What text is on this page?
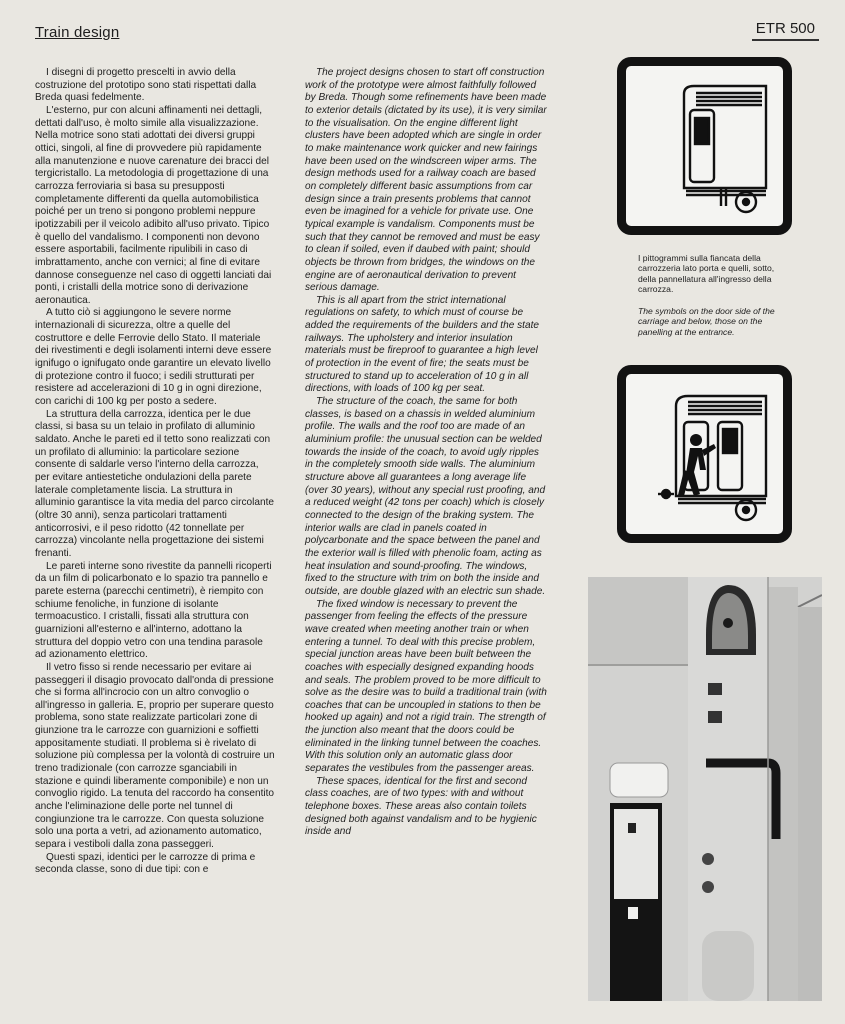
Train design	ETR 500

I disegni di progetto prescelti in avvio della costruzione del prototipo sono stati rispettati dalla Breda quasi fedelmente.

L'esterno, pur con alcuni affinamenti nei dettagli, dettati dall'uso, è molto simile alla visualizzazione. Nella motrice sono stati adottati dei diversi gruppi ottici, singoli, al fine di provvedere più rapidamente alla manutenzione e nuove carenature dei bracci del tergicristallo. La metodologia di progettazione di una carrozza ferroviaria si basa su presupposti completamente differenti da quella automobilistica poiché per un treno si pongono problemi neppure ipotizzabili per il veicolo adibito all'uso privato. Tipico è quello del vandalismo. I componenti non devono essere asportabili, facilmente ripulibili in caso di imbrattamento, anche con vernici; al fine di evitare dannose conseguenze nel caso di oggetti lanciati dai ponti, i cristalli della motrice sono di derivazione aeronautica.

A tutto ciò si aggiungono le severe norme internazionali di sicurezza, oltre a quelle del costruttore e delle Ferrovie dello Stato. Il materiale dei rivestimenti e degli isolamenti interni deve essere ignifugo o ignifugato onde garantire un elevato livello di protezione contro il fuoco; i sedili strutturati per resistere ad accelerazioni di 10 g in ogni direzione, con carichi di 100 kg per posto a sedere.

La struttura della carrozza, identica per le due classi, si basa su un telaio in profilato di alluminio saldato. Anche le pareti ed il tetto sono realizzati con un profilato di alluminio: la particolare sezione consente di saldarle verso l'interno della carrozza, per evitare antiestetiche ondulazioni della parete laterale completamente liscia. La struttura in alluminio garantisce la vita media del parco circolante (oltre 30 anni), senza particolari trattamenti anticorrosivi, e il peso ridotto (42 tonnellate per carrozza) vincolante nella progettazione dei sistemi frenanti.

Le pareti interne sono rivestite da pannelli ricoperti da un film di policarbonato e lo spazio tra pannello e parete esterna (parecchi centimetri), è riempito con schiume fenoliche, in funzione di isolante termoacustico. I cristalli, fissati alla struttura con guarnizioni all'esterno e all'interno, adottano la struttura del doppio vetro con una tendina parasole ad azionamento elettrico.

Il vetro fisso si rende necessario per evitare ai passeggeri il disagio provocato dall'onda di pressione che si forma all'incrocio con un altro convoglio o all'ingresso in galleria. E, proprio per superare questo problema, sono state realizzate particolari zone di giunzione tra le carrozze con guarnizioni e soffietti appositamente studiati. Il problema si è rivelato di soluzione più complessa per la volontà di costruire un treno tradizionale (con carrozze sganciabili in stazione e quindi liberamente componibile) e non un convoglio rigido. La tenuta del raccordo ha consentito anche l'eliminazione delle porte nel tunnel di congiunzione tra le carrozze. Con questa soluzione solo una porta a vetri, ad azionamento automatico, separa i vestiboli dalla zona passeggeri.

Questi spazi, identici per le carrozze di prima e seconda classe, sono di due tipi: con e

The project designs chosen to start off construction work of the prototype were almost faithfully followed by Breda. Though some refinements have been made to exterior details (dictated by its use), it is very similar to the visualisation. On the engine different light clusters have been adopted which are single in order to make maintenance work quicker and new fairings have been used on the windscreen wiper arms. The design methods used for a railway coach are based on completely different basic assumptions from car design since a train presents problems that cannot even be imagined for a vehicle for private use. One typical example is vandalism. Components must be such that they cannot be removed and must be easy to clean if soiled, even if daubed with paint; should objects be thrown from bridges, the windows on the engine are of aeronautical derivation to prevent serious damage.

This is all apart from the strict international regulations on safety, to which must of course be added the requirements of the builders and the state railways. The upholstery and interior insulation materials must be fireproof to guarantee a high level of protection in the event of fire; the seats must be structured to stand up to acceleration of 10 g in all directions, with loads of 100 kg per seat.

The structure of the coach, the same for both classes, is based on a chassis in welded aluminium profile. The walls and the roof too are made of an aluminium profile: the unusual section can be welded towards the inside of the coach, to avoid ugly ripples in the completely smooth side walls. The aluminium structure above all guarantees a long average life (over 30 years), without any special rust proofing, and a reduced weight (42 tons per coach) which is closely connected to the design of the braking system. The interior walls are clad in panels coated in polycarbonate and the space between the panel and the exterior wall is filled with phenolic foam, acting as heat insulation and sound-proofing. The windows, fixed to the structure with trim on both the inside and outside, are double glazed with an electric sun shade.

The fixed window is necessary to prevent the passenger from feeling the effects of the pressure wave created when meeting another train or when entering a tunnel. To deal with this precise problem, special junction areas have been built between the coaches with especially designed expanding hoods and seals. The problem proved to be more difficult to solve as the desire was to build a traditional train (with coaches that can be uncoupled in stations to then be hooked up again) and not a rigid train. The strength of the junction also meant that the doors could be eliminated in the linking tunnel between the coaches. With this solution only an automatic glass door separates the vestibules from the passenger areas.

These spaces, identical for the first and second class coaches, are of two types: with and without telephone boxes. These areas also contain toilets designed both against vandalism and to be hygienic inside and

I pittogrammi sulla fiancata della carrozzeria lato porta e quelli, sotto, della pannellatura all'ingresso della carrozza.
The symbols on the door side of the carriage and below, those on the panelling at the entrance.
